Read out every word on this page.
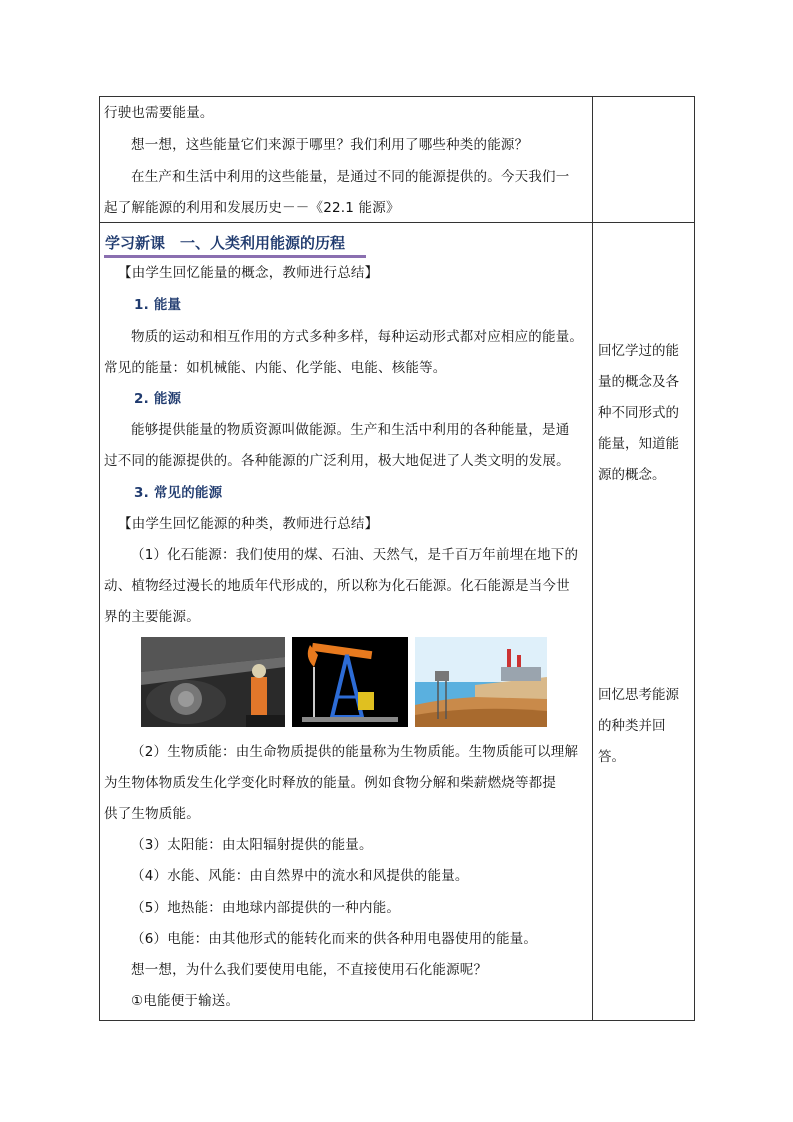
行驶也需要能量。
想一想，这些能量它们来源于哪里？我们利用了哪些种类的能源？
在生产和生活中利用的这些能量，是通过不同的能源提供的。今天我们一
起了解能源的利用和发展历史－－《22.1 能源》
学习新课　一、人类利用能源的历程
【由学生回忆能量的概念，教师进行总结】
1. 能量
物质的运动和相互作用的方式多种多样，每种运动形式都对应相应的能量。
常见的能量：如机械能、内能、化学能、电能、核能等。
2. 能源
能够提供能量的物质资源叫做能源。生产和生活中利用的各种能量，是通
过不同的能源提供的。各种能源的广泛利用，极大地促进了人类文明的发展。
3. 常见的能源
【由学生回忆能源的种类，教师进行总结】
（1）化石能源：我们使用的煤、石油、天然气，是千百万年前埋在地下的
动、植物经过漫长的地质年代形成的，所以称为化石能源。化石能源是当今世
界的主要能源。
（2）生物质能：由生命物质提供的能量称为生物质能。生物质能可以理解
为生物体物质发生化学变化时释放的能量。例如食物分解和柴薪燃烧等都提
供了生物质能。
（3）太阳能：由太阳辐射提供的能量。
（4）水能、风能：由自然界中的流水和风提供的能量。
（5）地热能：由地球内部提供的一种内能。
（6）电能：由其他形式的能转化而来的供各种用电器使用的能量。
想一想，为什么我们要使用电能，不直接使用石化能源呢？
①电能便于输送。
回忆学过的能
量的概念及各
种不同形式的
能量，知道能
源的概念。
回忆思考能源
的种类并回
答。
